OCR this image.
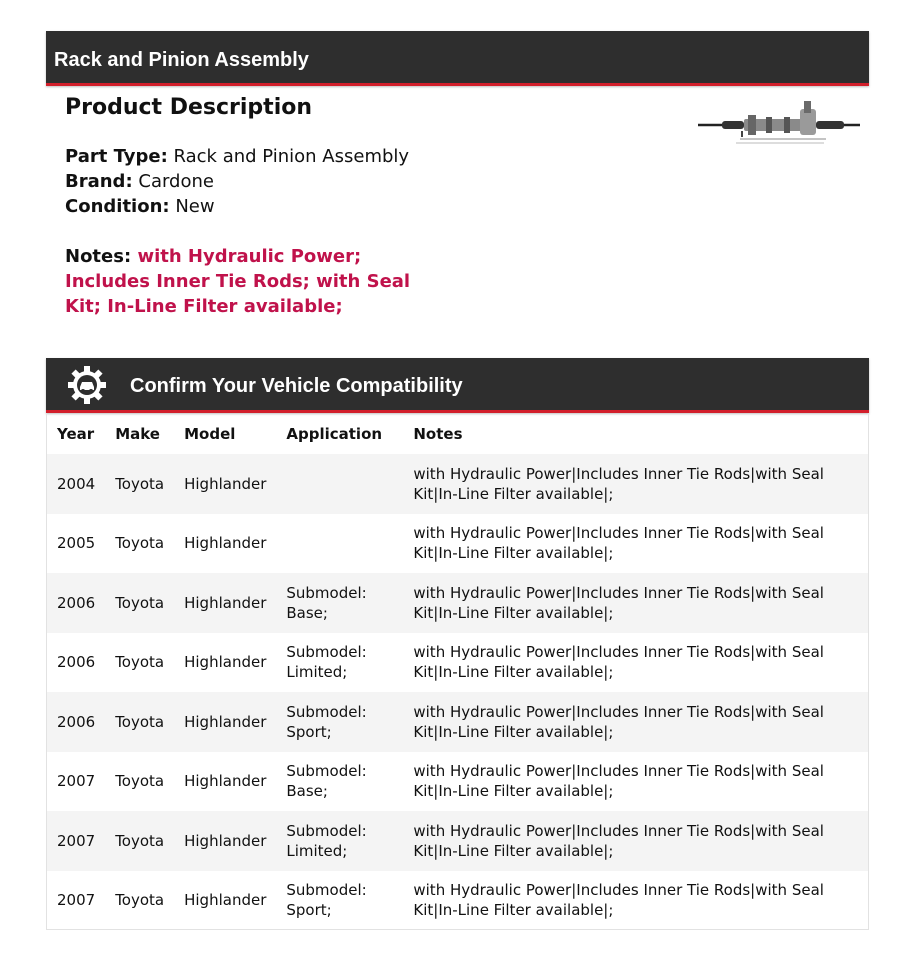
Rack and Pinion Assembly
Product Description
Part Type: Rack and Pinion Assembly
Brand: Cardone
Condition: New
Notes: with Hydraulic Power; Includes Inner Tie Rods; with Seal Kit; In-Line Filter available;
Confirm Your Vehicle Compatibility
Year	Make	Model	Application	Notes
2004	Toyota	Highlander		with Hydraulic Power|Includes Inner Tie Rods|with Seal Kit|In-Line Filter available|;
2005	Toyota	Highlander		with Hydraulic Power|Includes Inner Tie Rods|with Seal Kit|In-Line Filter available|;
2006	Toyota	Highlander	Submodel: Base;	with Hydraulic Power|Includes Inner Tie Rods|with Seal Kit|In-Line Filter available|;
2006	Toyota	Highlander	Submodel: Limited;	with Hydraulic Power|Includes Inner Tie Rods|with Seal Kit|In-Line Filter available|;
2006	Toyota	Highlander	Submodel: Sport;	with Hydraulic Power|Includes Inner Tie Rods|with Seal Kit|In-Line Filter available|;
2007	Toyota	Highlander	Submodel: Base;	with Hydraulic Power|Includes Inner Tie Rods|with Seal Kit|In-Line Filter available|;
2007	Toyota	Highlander	Submodel: Limited;	with Hydraulic Power|Includes Inner Tie Rods|with Seal Kit|In-Line Filter available|;
2007	Toyota	Highlander	Submodel: Sport;	with Hydraulic Power|Includes Inner Tie Rods|with Seal Kit|In-Line Filter available|;
